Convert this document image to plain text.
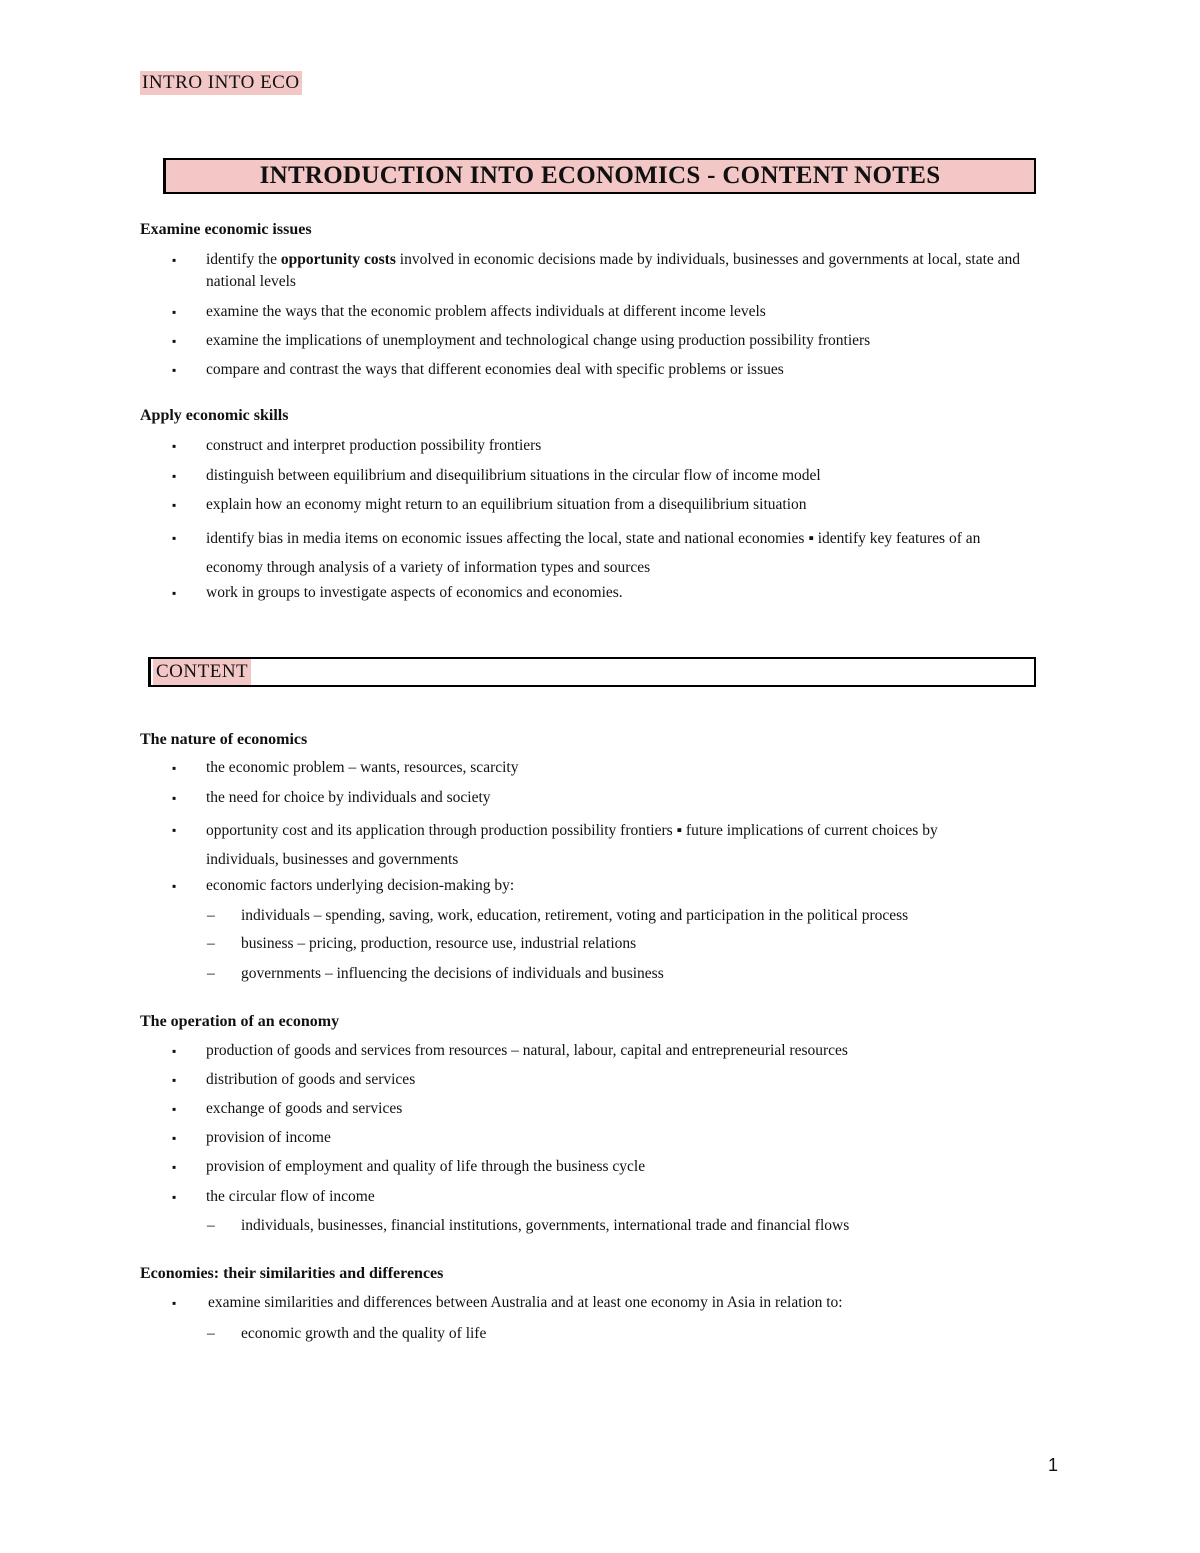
INTRO INTO ECO
INTRODUCTION INTO ECONOMICS - CONTENT NOTES
Examine economic issues
▪ identify the opportunity costs involved in economic decisions made by individuals, businesses and governments at local, state and national levels
▪ examine the ways that the economic problem affects individuals at different income levels
▪ examine the implications of unemployment and technological change using production possibility frontiers
▪ compare and contrast the ways that different economies deal with specific problems or issues
Apply economic skills
▪ construct and interpret production possibility frontiers
▪ distinguish between equilibrium and disequilibrium situations in the circular flow of income model
▪ explain how an economy might return to an equilibrium situation from a disequilibrium situation
▪ identify bias in media items on economic issues affecting the local, state and national economies ▪ identify key features of an economy through analysis of a variety of information types and sources
▪ work in groups to investigate aspects of economics and economies.
CONTENT
The nature of economics
▪ the economic problem – wants, resources, scarcity
▪ the need for choice by individuals and society
▪ opportunity cost and its application through production possibility frontiers ▪ future implications of current choices by individuals, businesses and governments
▪ economic factors underlying decision-making by:
– individuals – spending, saving, work, education, retirement, voting and participation in the political process
– business – pricing, production, resource use, industrial relations
– governments – influencing the decisions of individuals and business
The operation of an economy
▪ production of goods and services from resources – natural, labour, capital and entrepreneurial resources
▪ distribution of goods and services
▪ exchange of goods and services
▪ provision of income
▪ provision of employment and quality of life through the business cycle
▪ the circular flow of income
– individuals, businesses, financial institutions, governments, international trade and financial flows
Economies: their similarities and differences
▪ examine similarities and differences between Australia and at least one economy in Asia in relation to:
– economic growth and the quality of life
1
